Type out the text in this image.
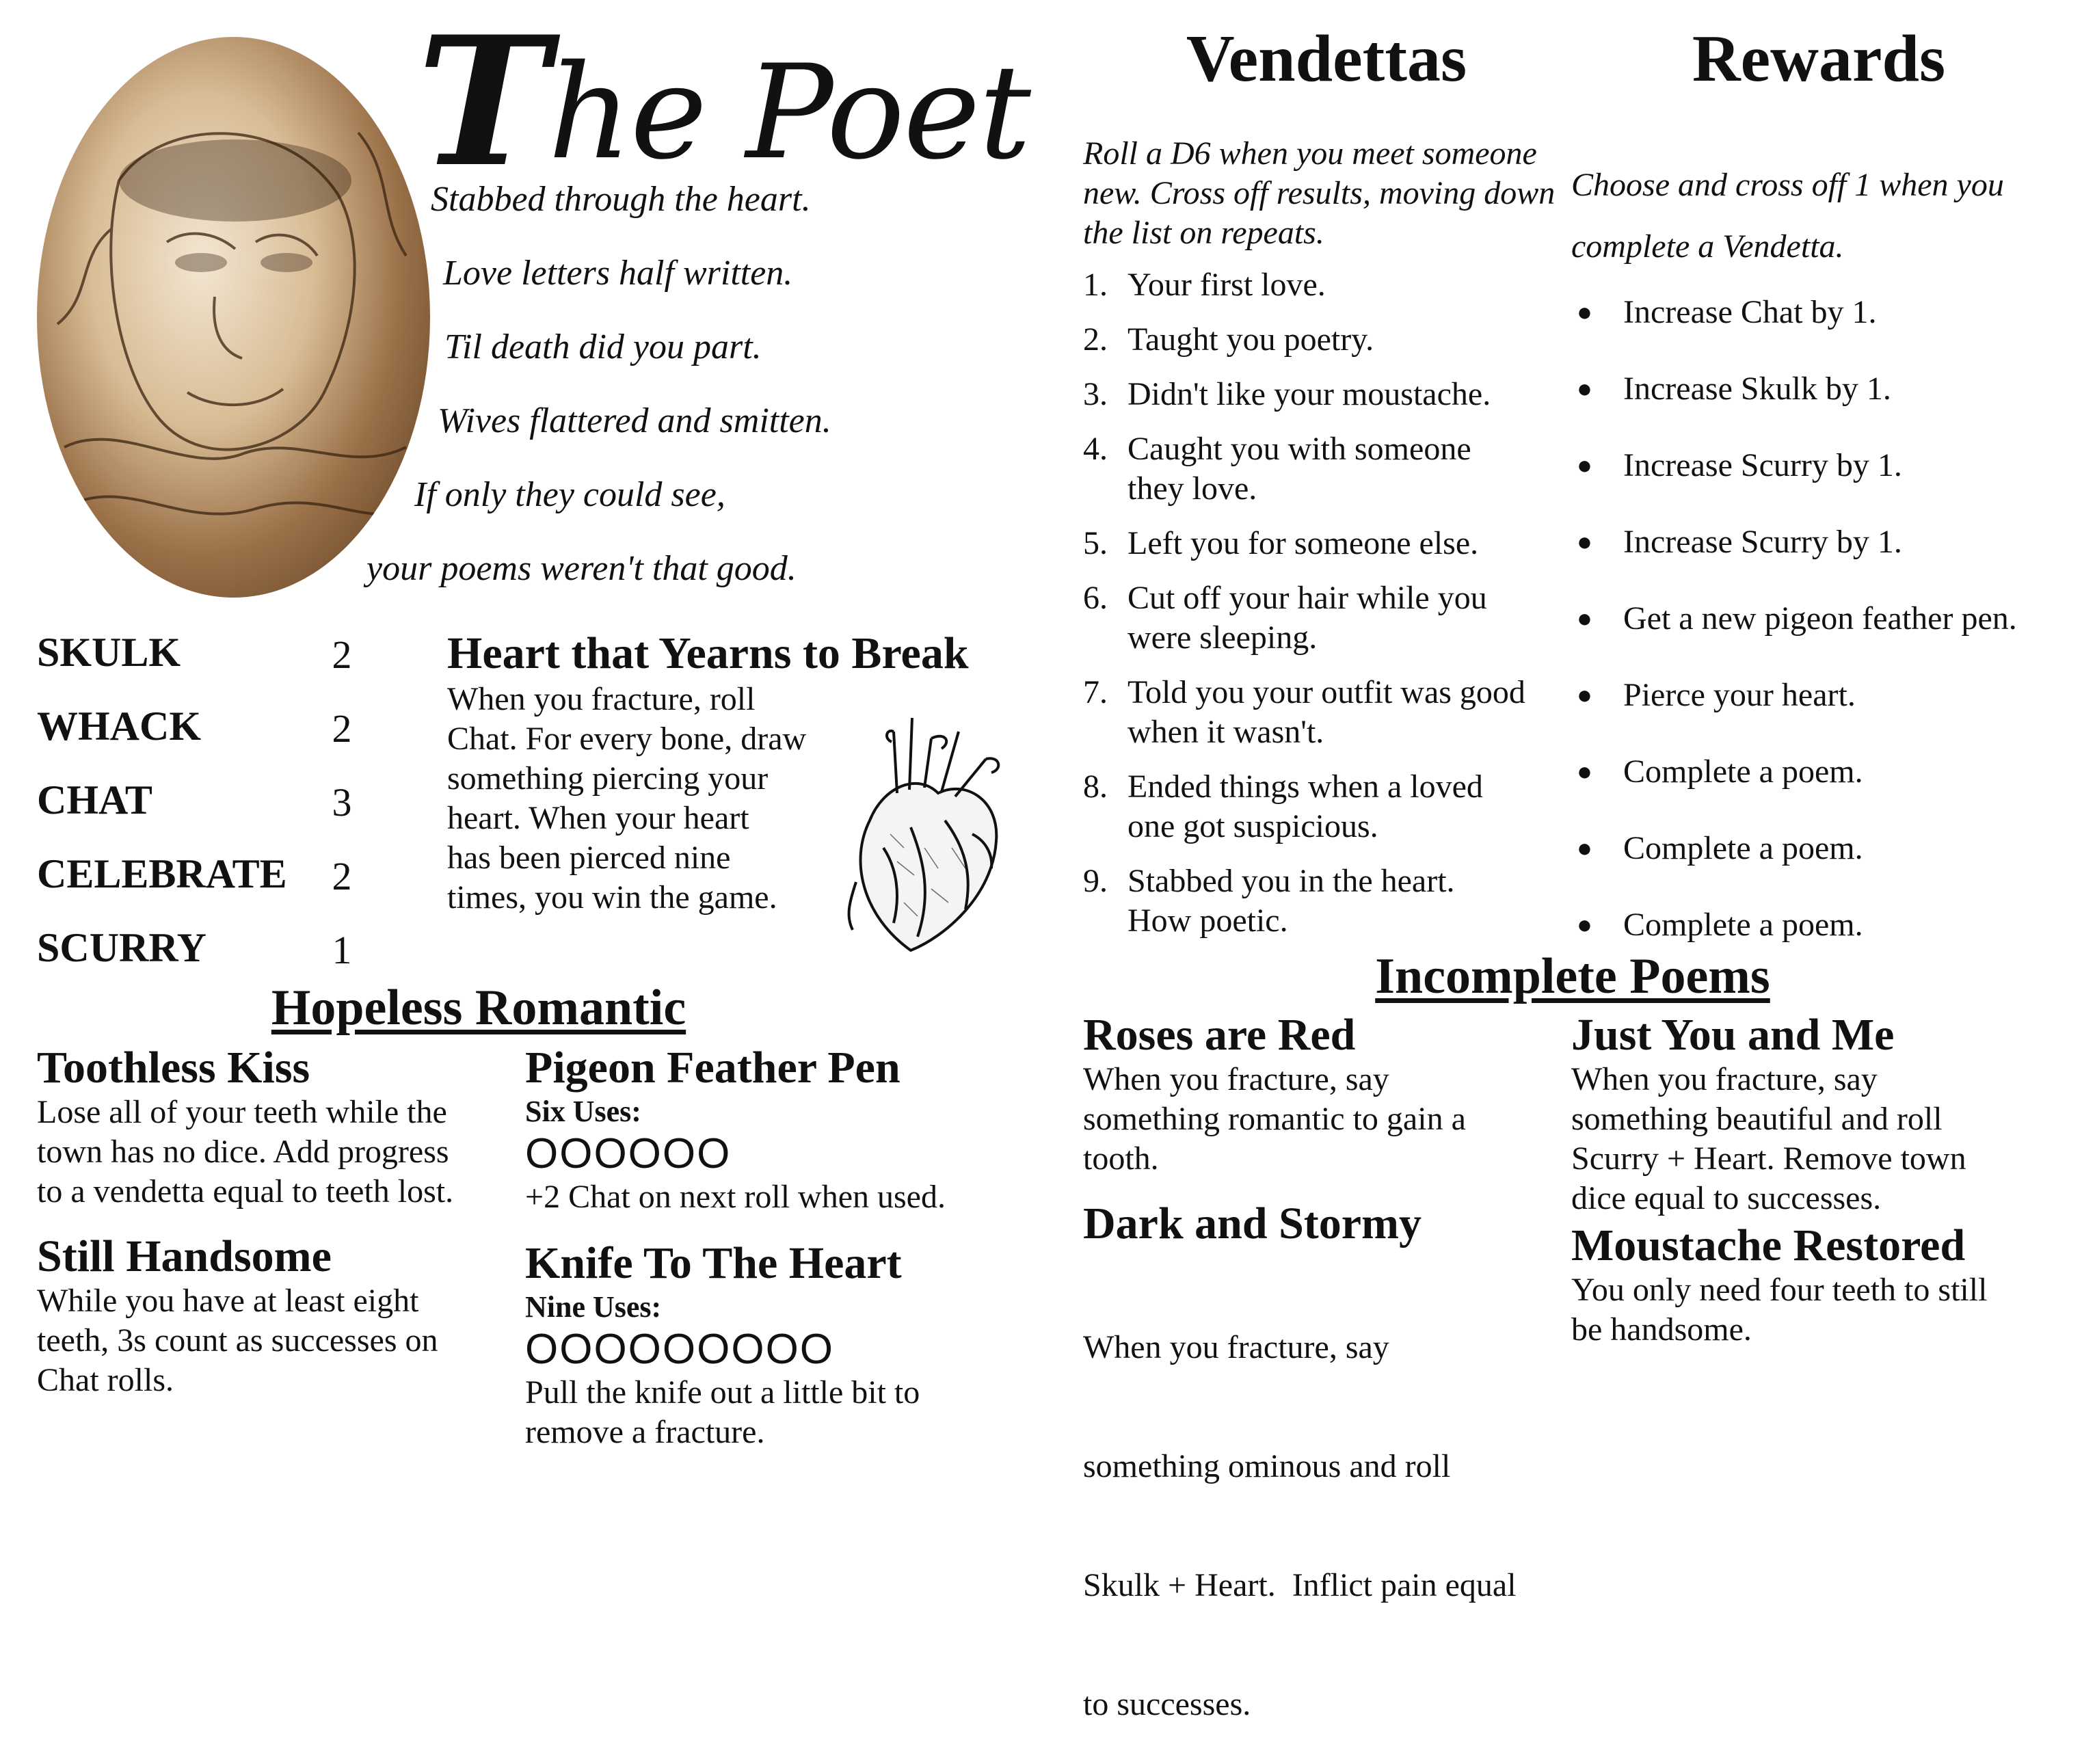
The Poet
Stabbed through the heart.
Love letters half written.
Til death did you part.
Wives flattered and smitten.
If only they could see,
your poems weren't that good.
SKULK	2
WHACK	2
CHAT	3
CELEBRATE	2
SCURRY	1
Heart that Yearns to Break
When you fracture, roll
Chat. For every bone, draw
something piercing your
heart. When your heart
has been pierced nine
times, you win the game.
Hopeless Romantic
Toothless Kiss
Lose all of your teeth while the
town has no dice. Add progress
to a vendetta equal to teeth lost.
Still Handsome
While you have at least eight
teeth, 3s count as successes on
Chat rolls.
Pigeon Feather Pen
Six Uses:
OOOOOO
+2 Chat on next roll when used.
Knife To The Heart
Nine Uses:
OOOOOOOOO
Pull the knife out a little bit to
remove a fracture.
Vendettas
Roll a D6 when you meet someone
new. Cross off results, moving down
the list on repeats.
1. Your first love.
2. Taught you poetry.
3. Didn't like your moustache.
4. Caught you with someone
they love.
5. Left you for someone else.
6. Cut off your hair while you
were sleeping.
7. Told you your outfit was good
when it wasn't.
8. Ended things when a loved
one got suspicious.
9. Stabbed you in the heart.
How poetic.
Rewards
Choose and cross off 1 when you
complete a Vendetta.
● Increase Chat by 1.
● Increase Skulk by 1.
● Increase Scurry by 1.
● Increase Scurry by 1.
● Get a new pigeon feather pen.
● Pierce your heart.
● Complete a poem.
● Complete a poem.
● Complete a poem.
Incomplete Poems
Roses are Red
When you fracture, say
something romantic to gain a
tooth.
Dark and Stormy

When you fracture, say

something ominous and roll

Skulk + Heart.  Inflict pain equal

to successes.

Just You and Me
When you fracture, say
something beautiful and roll
Scurry + Heart. Remove town
dice equal to successes.
Moustache Restored
You only need four teeth to still
be handsome.
